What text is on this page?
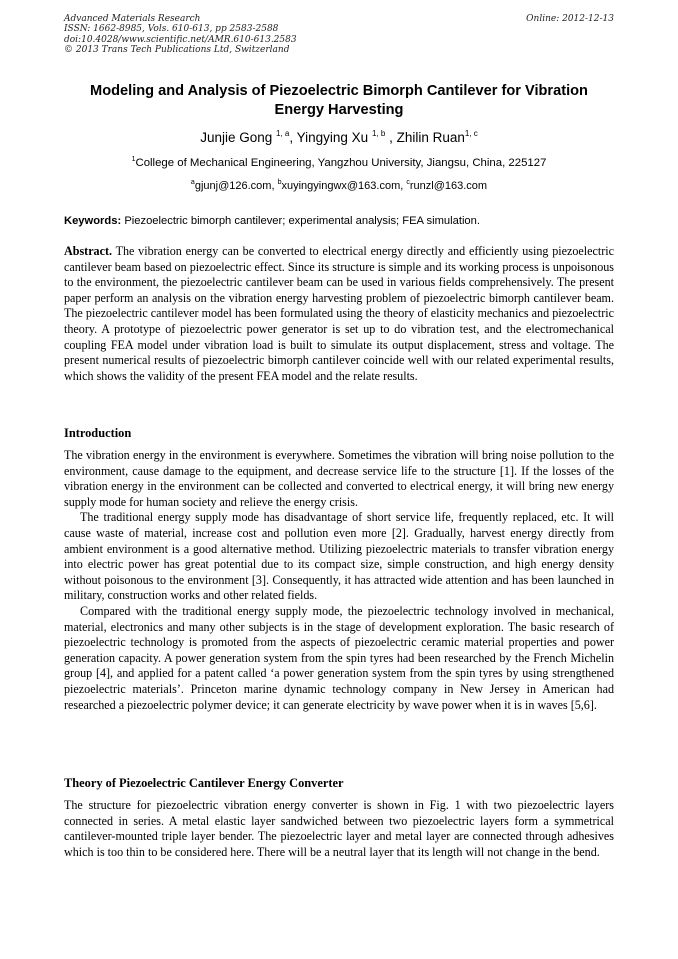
Advanced Materials Research
ISSN: 1662-8985, Vols. 610-613, pp 2583-2588
doi:10.4028/www.scientific.net/AMR.610-613.2583
© 2013 Trans Tech Publications Ltd, Switzerland
Online: 2012-12-13
Modeling and Analysis of Piezoelectric Bimorph Cantilever for Vibration Energy Harvesting
Junjie Gong $^{1, a}$, Yingying Xu $^{1, b}$ , Zhilin Ruan$^{1, c}$
$^1$College of Mechanical Engineering, Yangzhou University, Jiangsu, China, 225127
$^a$gjunj@126.com, $^b$xuyingyingwx@163.com, $^c$runzl@163.com
Keywords: Piezoelectric bimorph cantilever; experimental analysis; FEA simulation.

Abstract. The vibration energy can be converted to electrical energy directly and efficiently using piezoelectric cantilever beam based on piezoelectric effect. Since its structure is simple and its working process is unpoisonous to the environment, the piezoelectric cantilever beam can be used in various fields comprehensively. The present paper perform an analysis on the vibration energy harvesting problem of piezoelectric bimorph cantilever beam. The piezoelectric cantilever model has been formulated using the theory of elasticity mechanics and piezoelectric theory. A prototype of piezoelectric power generator is set up to do vibration test, and the electromechanical coupling FEA model under vibration load is built to simulate its output displacement, stress and voltage. The present numerical results of piezoelectric bimorph cantilever coincide well with our related experimental results, which shows the validity of the present FEA model and the relate results.

Introduction

The vibration energy in the environment is everywhere. Sometimes the vibration will bring noise pollution to the environment, cause damage to the equipment, and decrease service life to the structure [1]. If the losses of the vibration energy in the environment can be collected and converted to electrical energy, it will bring new energy supply mode for human society and relieve the energy crisis.

The traditional energy supply mode has disadvantage of short service life, frequently replaced, etc. It will cause waste of material, increase cost and pollution even more [2]. Gradually, harvest energy directly from ambient environment is a good alternative method. Utilizing piezoelectric materials to transfer vibration energy into electric power has great potential due to its compact size, simple construction, and high energy density without poisonous to the environment [3]. Consequently, it has attracted wide attention and has been launched in military, construction works and other related fields.

Compared with the traditional energy supply mode, the piezoelectric technology involved in mechanical, material, electronics and many other subjects is in the stage of development exploration. The basic research of piezoelectric technology is promoted from the aspects of piezoelectric ceramic material properties and power generation capacity. A power generation system from the spin tyres had been researched by the French Michelin group [4], and applied for a patent called ‘a power generation system from the spin tyres by using strengthened piezoelectric materials’. Princeton marine dynamic technology company in New Jersey in American had researched a piezoelectric polymer device; it can generate electricity by wave power when it is in waves [5,6].

Theory of Piezoelectric Cantilever Energy Converter

The structure for piezoelectric vibration energy converter is shown in Fig. 1 with two piezoelectric layers connected in series. A metal elastic layer sandwiched between two piezoelectric layers form a symmetrical cantilever-mounted triple layer bender. The piezoelectric layer and metal layer are connected through adhesives which is too thin to be considered here. There will be a neutral layer that its length will not change in the bend.
